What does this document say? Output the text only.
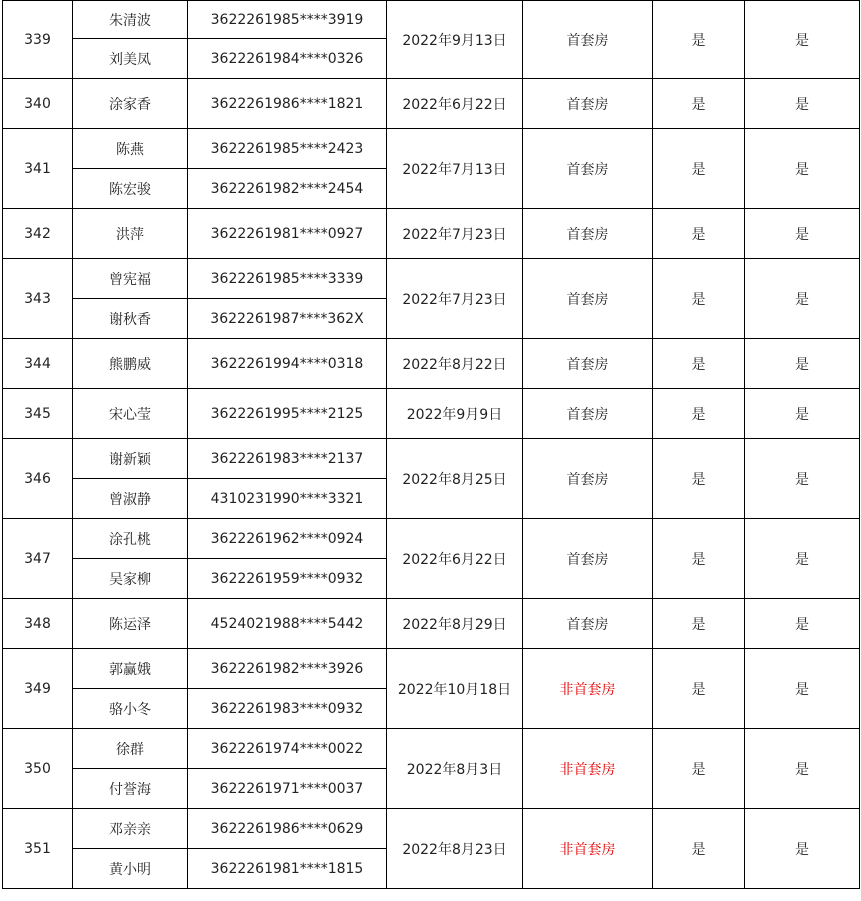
339	朱清波	3622261985****3919	2022年9月13日	首套房	是	是
	刘美凤	3622261984****0326				
340	涂家香	3622261986****1821	2022年6月22日	首套房	是	是
341	陈燕	3622261985****2423	2022年7月13日	首套房	是	是
	陈宏骏	3622261982****2454				
342	洪萍	3622261981****0927	2022年7月23日	首套房	是	是
343	曾宪福	3622261985****3339	2022年7月23日	首套房	是	是
	谢秋香	3622261987****362X				
344	熊鹏威	3622261994****0318	2022年8月22日	首套房	是	是
345	宋心莹	3622261995****2125	2022年9月9日	首套房	是	是
346	谢新颖	3622261983****2137	2022年8月25日	首套房	是	是
	曾淑静	4310231990****3321				
347	涂孔桃	3622261962****0924	2022年6月22日	首套房	是	是
	吴家柳	3622261959****0932				
348	陈运泽	4524021988****5442	2022年8月29日	首套房	是	是
349	郭赢娥	3622261982****3926	2022年10月18日	非首套房	是	是
	骆小冬	3622261983****0932				
350	徐群	3622261974****0022	2022年8月3日	非首套房	是	是
	付誉海	3622261971****0037				
351	邓亲亲	3622261986****0629	2022年8月23日	非首套房	是	是
	黄小明	3622261981****1815				
